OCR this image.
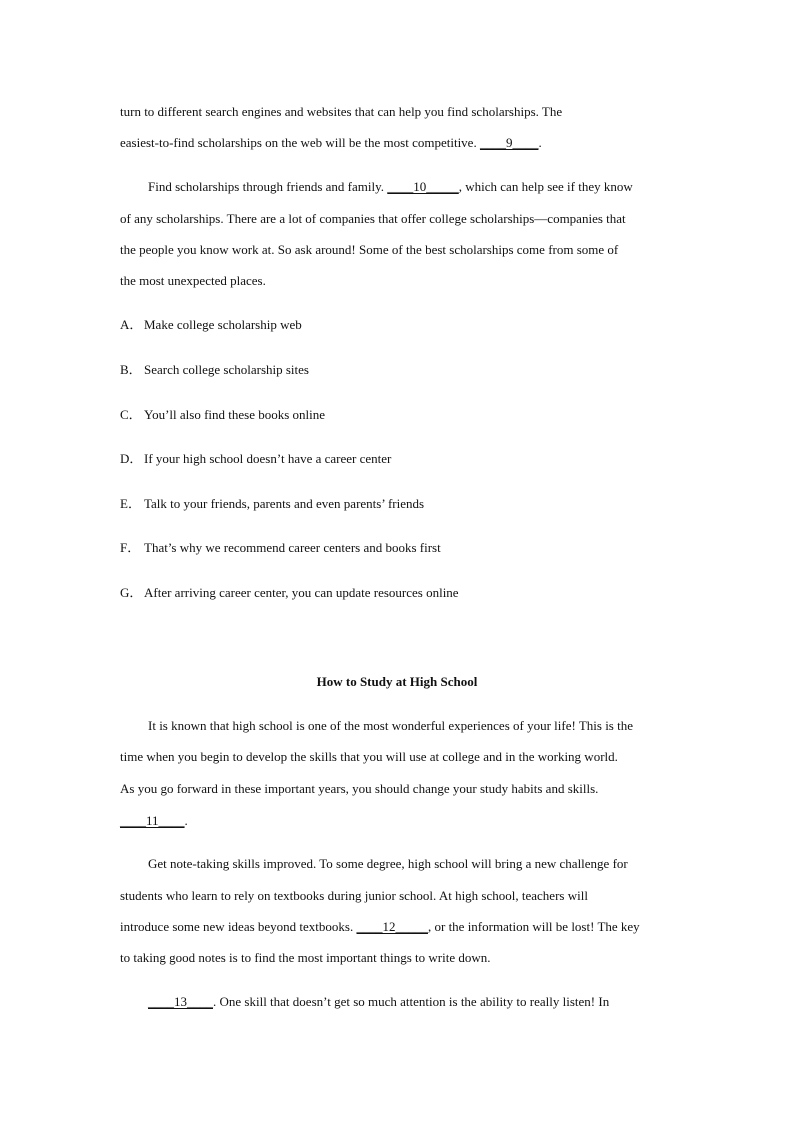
turn to different search engines and websites that can help you find scholarships. The
easiest-to-find scholarships on the web will be the most competitive. ____9____.
Find scholarships through friends and family. ____10_____, which can help see if they know
of any scholarships. There are a lot of companies that offer college scholarships—companies that
the people you know work at. So ask around! Some of the best scholarships come from some of
the most unexpected places.
A． Make college scholarship web
B． Search college scholarship sites
C． You’ll also find these books online
D． If your high school doesn’t have a career center
E． Talk to your friends, parents and even parents’ friends
F． That’s why we recommend career centers and books first
G． After arriving career center, you can update resources online
How to Study at High School
It is known that high school is one of the most wonderful experiences of your life! This is the
time when you begin to develop the skills that you will use at college and in the working world.
As you go forward in these important years, you should change your study habits and skills.
____11____.
Get note-taking skills improved. To some degree, high school will bring a new challenge for
students who learn to rely on textbooks during junior school. At high school, teachers will
introduce some new ideas beyond textbooks. ____12_____, or the information will be lost! The key
to taking good notes is to find the most important things to write down.
____13____. One skill that doesn’t get so much attention is the ability to really listen! In
